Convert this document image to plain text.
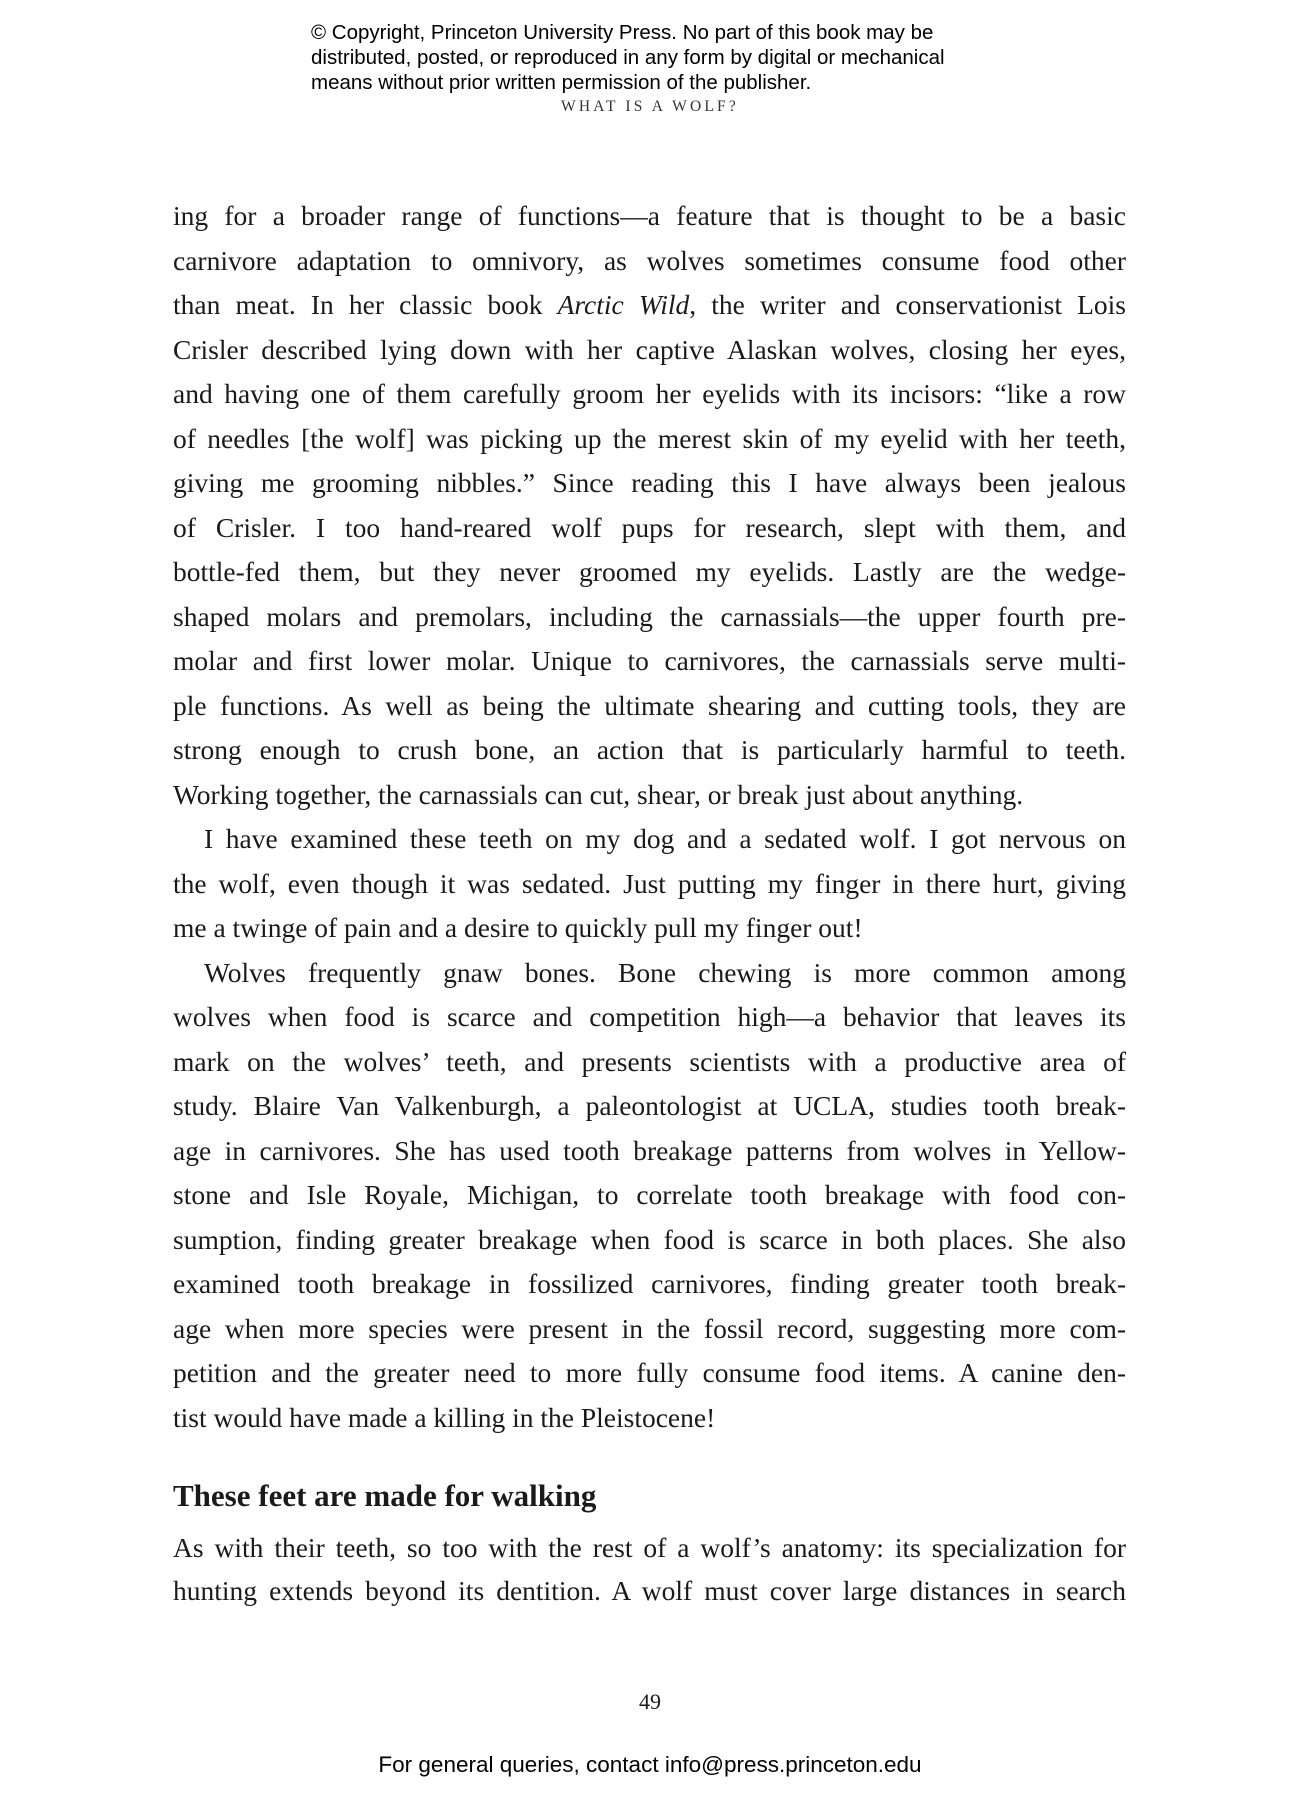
© Copyright, Princeton University Press. No part of this book may be
distributed, posted, or reproduced in any form by digital or mechanical
means without prior written permission of the publisher.
WHAT IS A WOLF?
ing for a broader range of functions—a feature that is thought to be a basic
carnivore adaptation to omnivory, as wolves sometimes consume food other
than meat. In her classic book Arctic Wild, the writer and conservationist Lois
Crisler described lying down with her captive Alaskan wolves, closing her eyes,
and having one of them carefully groom her eyelids with its incisors: “like a row
of needles [the wolf] was picking up the merest skin of my eyelid with her teeth,
giving me grooming nibbles.” Since reading this I have always been jealous
of Crisler. I too hand-reared wolf pups for research, slept with them, and
bottle-fed them, but they never groomed my eyelids. Lastly are the wedge-
shaped molars and premolars, including the carnassials—the upper fourth pre-
molar and first lower molar. Unique to carnivores, the carnassials serve multi-
ple functions. As well as being the ultimate shearing and cutting tools, they are
strong enough to crush bone, an action that is particularly harmful to teeth.
Working together, the carnassials can cut, shear, or break just about anything.
I have examined these teeth on my dog and a sedated wolf. I got nervous on
the wolf, even though it was sedated. Just putting my finger in there hurt, giving
me a twinge of pain and a desire to quickly pull my finger out!
Wolves frequently gnaw bones. Bone chewing is more common among
wolves when food is scarce and competition high—a behavior that leaves its
mark on the wolves’ teeth, and presents scientists with a productive area of
study. Blaire Van Valkenburgh, a paleontologist at UCLA, studies tooth break-
age in carnivores. She has used tooth breakage patterns from wolves in Yellow-
stone and Isle Royale, Michigan, to correlate tooth breakage with food con-
sumption, finding greater breakage when food is scarce in both places. She also
examined tooth breakage in fossilized carnivores, finding greater tooth break-
age when more species were present in the fossil record, suggesting more com-
petition and the greater need to more fully consume food items. A canine den-
tist would have made a killing in the Pleistocene!
These feet are made for walking
As with their teeth, so too with the rest of a wolf’s anatomy: its specialization for
hunting extends beyond its dentition. A wolf must cover large distances in search
49
For general queries, contact info@press.princeton.edu
